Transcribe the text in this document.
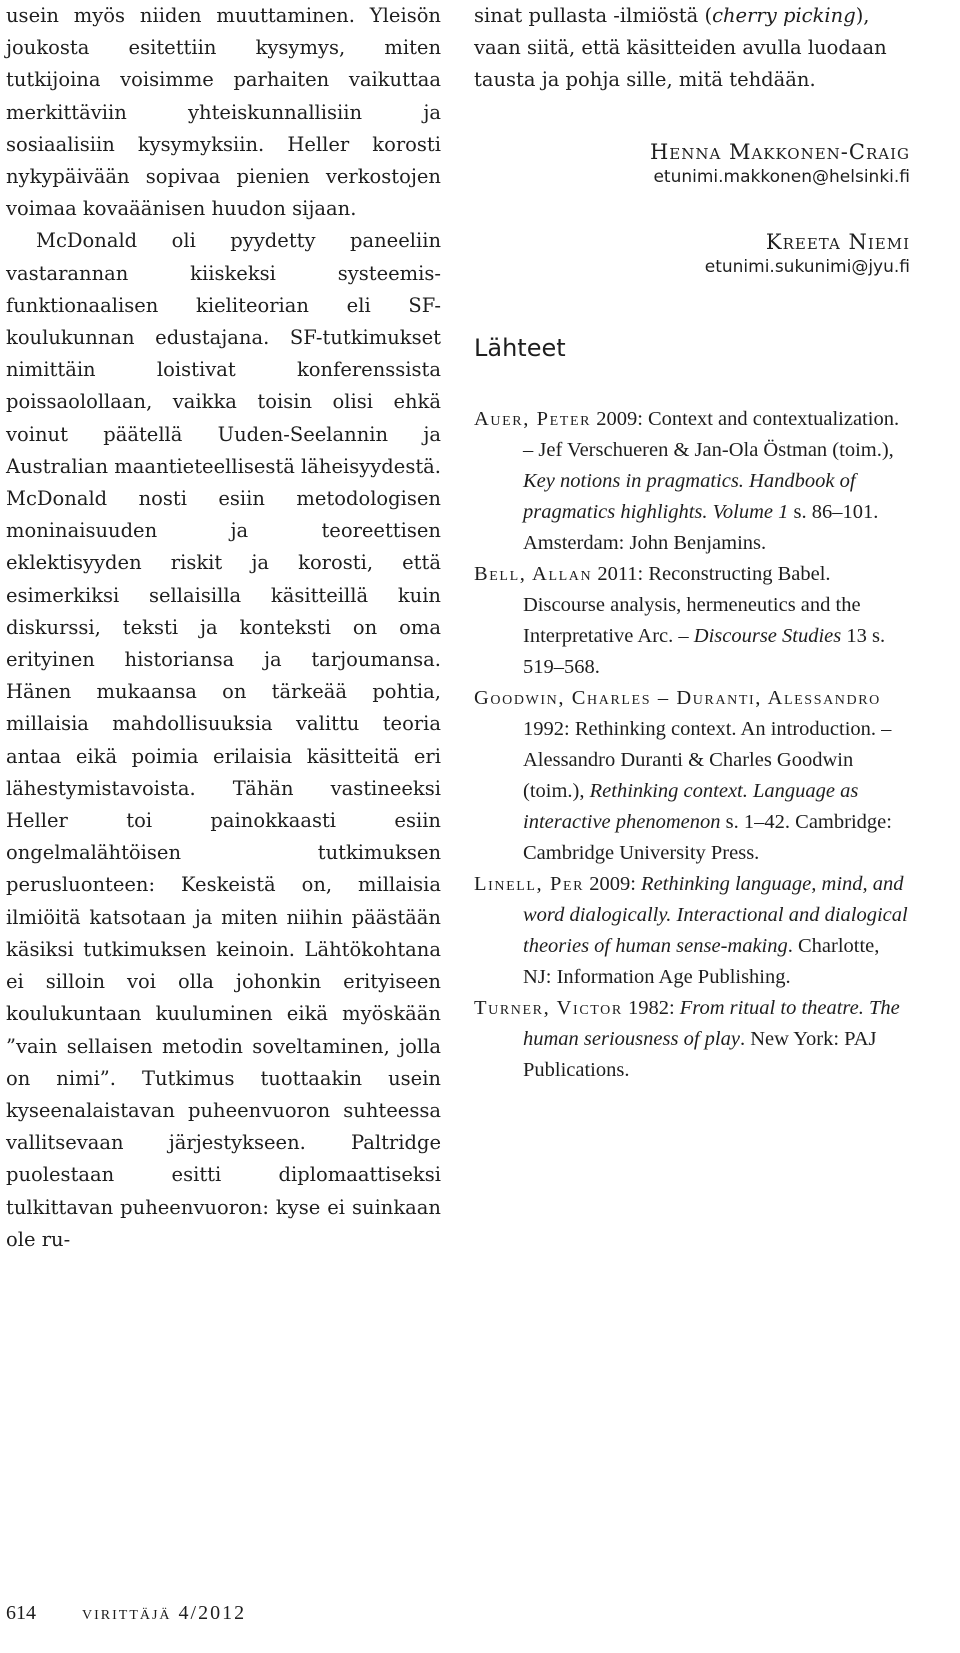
usein myös niiden muuttaminen. Yleisön joukosta esitettiin kysymys, miten tutkijoina voisimme parhaiten vaikuttaa merkittäviin yhteiskunnallisiin ja sosiaalisiin kysymyksiin. Heller korosti nykypäivään sopivaa pienien verkostojen voimaa kovaäänisen huudon sijaan.

McDonald oli pyydetty paneeliin vastarannan kiiskeksi systeemis-funktionaalisen kieliteorian eli SF-koulukunnan edustajana. SF-tutkimukset nimittäin loistivat konferenssista poissaolollaan, vaikka toisin olisi ehkä voinut päätellä Uuden-Seelannin ja Australian maantieteellisestä läheisyydestä. McDonald nosti esiin metodologisen moninaisuuden ja teoreettisen eklektisyyden riskit ja korosti, että esimerkiksi sellaisilla käsitteillä kuin diskurssi, teksti ja konteksti on oma erityinen historiansa ja tarjoumansa. Hänen mukaansa on tärkeää pohtia, millaisia mahdollisuuksia valittu teoria antaa eikä poimia erilaisia käsitteitä eri lähestymistavoista. Tähän vastineeksi Heller toi painokkaasti esiin ongelmalähtöisen tutkimuksen perusluonteen: Keskeistä on, millaisia ilmiöitä katsotaan ja miten niihin päästään käsiksi tutkimuksen keinoin. Lähtökohtana ei silloin voi olla johonkin erityiseen koulukuntaan kuuluminen eikä myöskään ”vain sellaisen metodin soveltaminen, jolla on nimi”. Tutkimus tuottaakin usein kyseenalaistavan puheenvuoron suhteessa vallitsevaan järjestykseen. Paltridge puolestaan esitti diplomaattiseksi tulkittavan puheenvuoron: kyse ei suinkaan ole ru-

sinat pullasta -ilmiöstä (cherry picking), vaan siitä, että käsitteiden avulla luodaan tausta ja pohja sille, mitä tehdään.

Henna Makkonen-Craig
etunimi.makkonen@helsinki.fi
Kreeta Niemi
etunimi.sukunimi@jyu.fi
Lähteet
Auer, Peter 2009: Context and contextualization. – Jef Verschueren & Jan-Ola Östman (toim.), Key notions in pragmatics. Handbook of pragmatics highlights. Volume 1 s. 86–101. Amsterdam: John Benjamins.
Bell, Allan 2011: Reconstructing Babel. Discourse analysis, hermeneutics and the Interpretative Arc. – Discourse Studies 13 s. 519–568.
Goodwin, Charles – Duranti, Alessandro 1992: Rethinking context. An introduction. – Alessandro Duranti & Charles Goodwin (toim.), Rethinking context. Language as interactive phenomenon s. 1–42. Cambridge: Cambridge University Press.
Linell, Per 2009: Rethinking language, mind, and word dialogically. Interactional and dialogical theories of human sense-making. Charlotte, NJ: Information Age Publishing.
Turner, Victor 1982: From ritual to theatre. The human seriousness of play. New York: PAJ Publications.
614 virittäjä 4/2012
